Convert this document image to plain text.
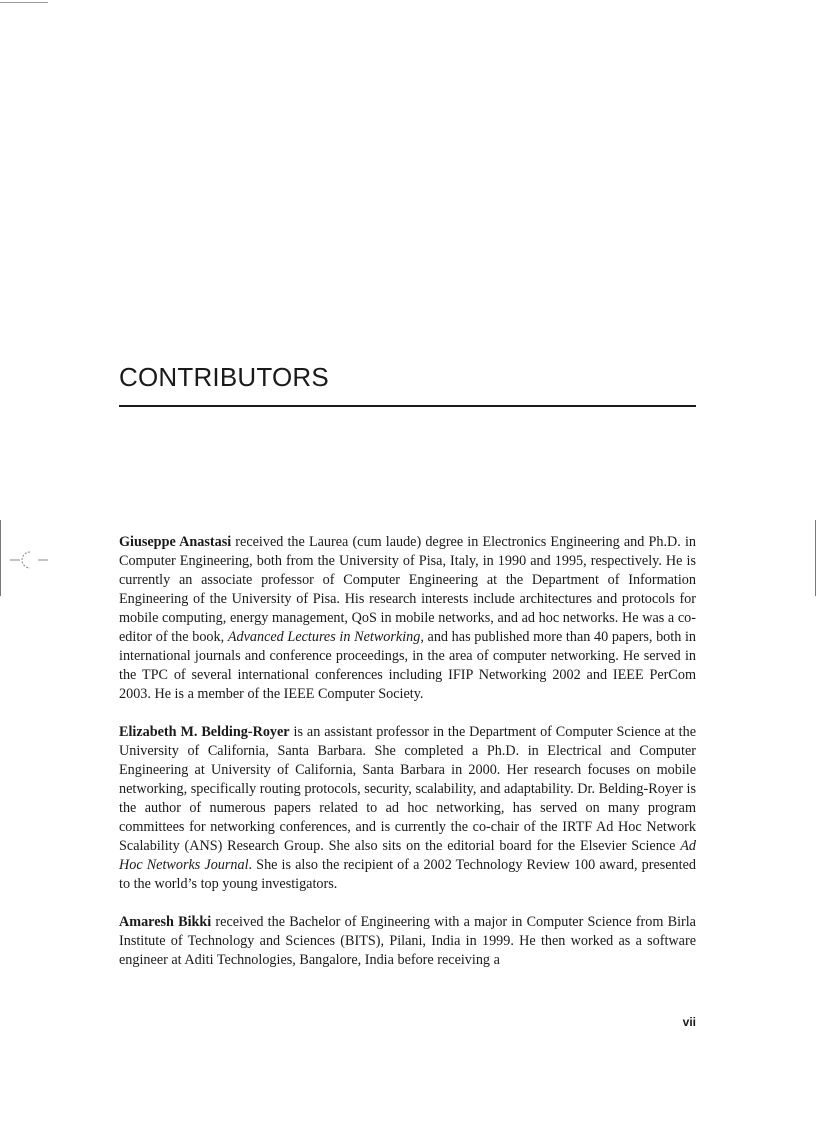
CONTRIBUTORS

Giuseppe Anastasi received the Laurea (cum laude) degree in Electronics Engineering and Ph.D. in Computer Engineering, both from the University of Pisa, Italy, in 1990 and 1995, respectively. He is currently an associate professor of Computer Engineering at the Department of Information Engineering of the University of Pisa. His research interests include architectures and protocols for mobile computing, energy management, QoS in mobile networks, and ad hoc networks. He was a co-editor of the book, Advanced Lectures in Networking, and has published more than 40 papers, both in international journals and conference proceedings, in the area of computer networking. He served in the TPC of several international conferences including IFIP Networking 2002 and IEEE PerCom 2003. He is a member of the IEEE Computer Society.

Elizabeth M. Belding-Royer is an assistant professor in the Department of Computer Science at the University of California, Santa Barbara. She completed a Ph.D. in Electrical and Computer Engineering at University of California, Santa Barbara in 2000. Her research focuses on mobile networking, specifically routing protocols, security, scalability, and adaptability. Dr. Belding-Royer is the author of numerous papers related to ad hoc networking, has served on many program committees for networking conferences, and is currently the co-chair of the IRTF Ad Hoc Network Scalability (ANS) Research Group. She also sits on the editorial board for the Elsevier Science Ad Hoc Networks Journal. She is also the recipient of a 2002 Technology Review 100 award, presented to the world’s top young investigators.

Amaresh Bikki received the Bachelor of Engineering with a major in Computer Science from Birla Institute of Technology and Sciences (BITS), Pilani, India in 1999. He then worked as a software engineer at Aditi Technologies, Bangalore, India before receiving a

vii
